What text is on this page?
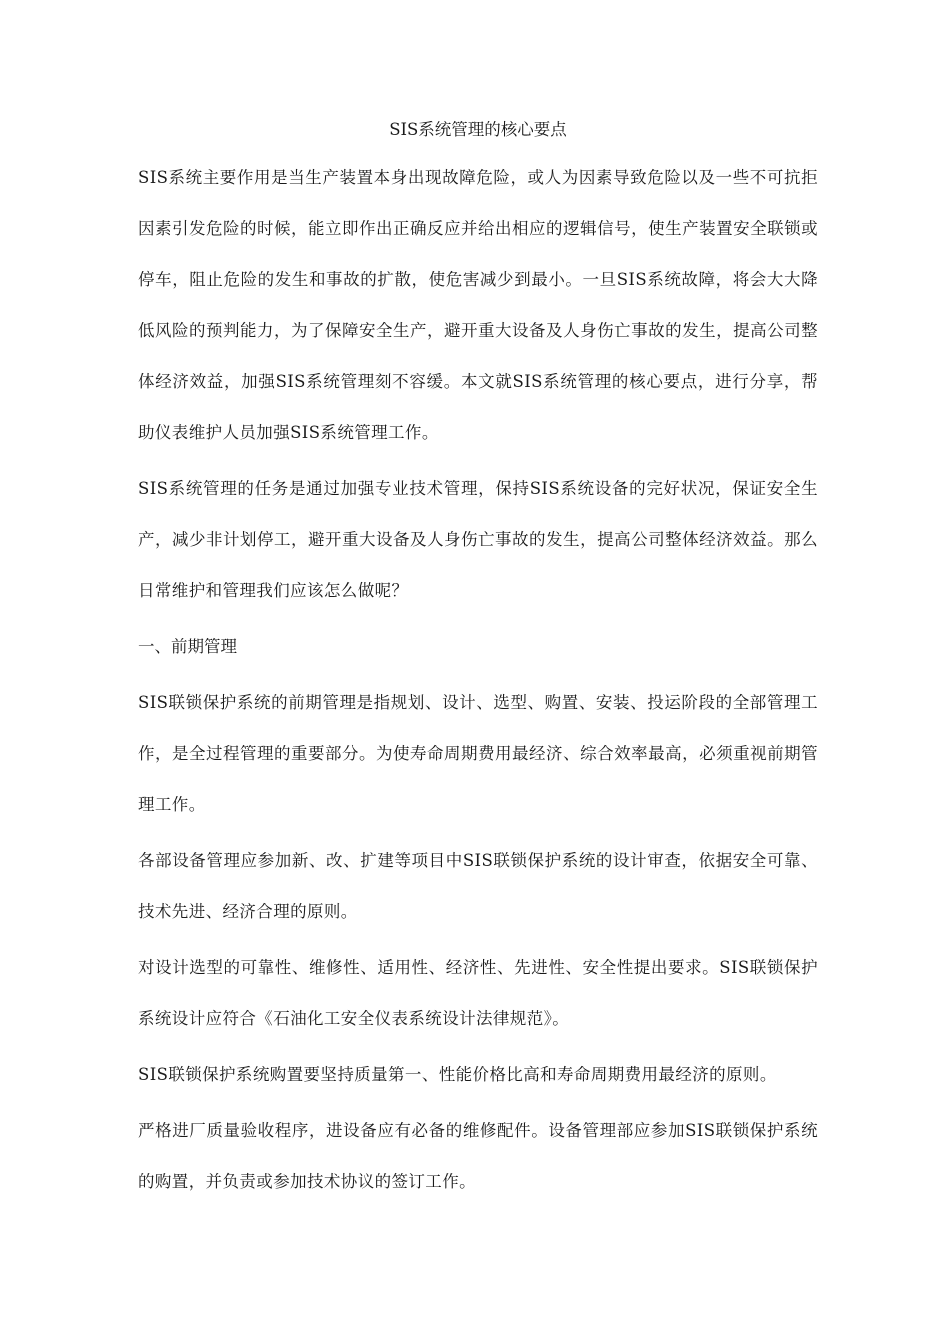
SIS系统管理的核心要点

SIS系统主要作用是当生产装置本身出现故障危险，或人为因素导致危险以及一些不可抗拒因素引发危险的时候，能立即作出正确反应并给出相应的逻辑信号，使生产装置安全联锁或停车，阻止危险的发生和事故的扩散，使危害减少到最小。一旦SIS系统故障，将会大大降低风险的预判能力，为了保障安全生产，避开重大设备及人身伤亡事故的发生，提高公司整体经济效益，加强SIS系统管理刻不容缓。本文就SIS系统管理的核心要点，进行分享，帮助仪表维护人员加强SIS系统管理工作。

SIS系统管理的任务是通过加强专业技术管理，保持SIS系统设备的完好状况，保证安全生产，减少非计划停工，避开重大设备及人身伤亡事故的发生，提高公司整体经济效益。那么日常维护和管理我们应该怎么做呢？

一、前期管理

SIS联锁保护系统的前期管理是指规划、设计、选型、购置、安装、投运阶段的全部管理工作，是全过程管理的重要部分。为使寿命周期费用最经济、综合效率最高，必须重视前期管理工作。

各部设备管理应参加新、改、扩建等项目中SIS联锁保护系统的设计审查，依据安全可靠、技术先进、经济合理的原则。

对设计选型的可靠性、维修性、适用性、经济性、先进性、安全性提出要求。SIS联锁保护系统设计应符合《石油化工安全仪表系统设计法律规范》。

SIS联锁保护系统购置要坚持质量第一、性能价格比高和寿命周期费用最经济的原则。

严格进厂质量验收程序，进设备应有必备的维修配件。设备管理部应参加SIS联锁保护系统的购置，并负责或参加技术协议的签订工作。
